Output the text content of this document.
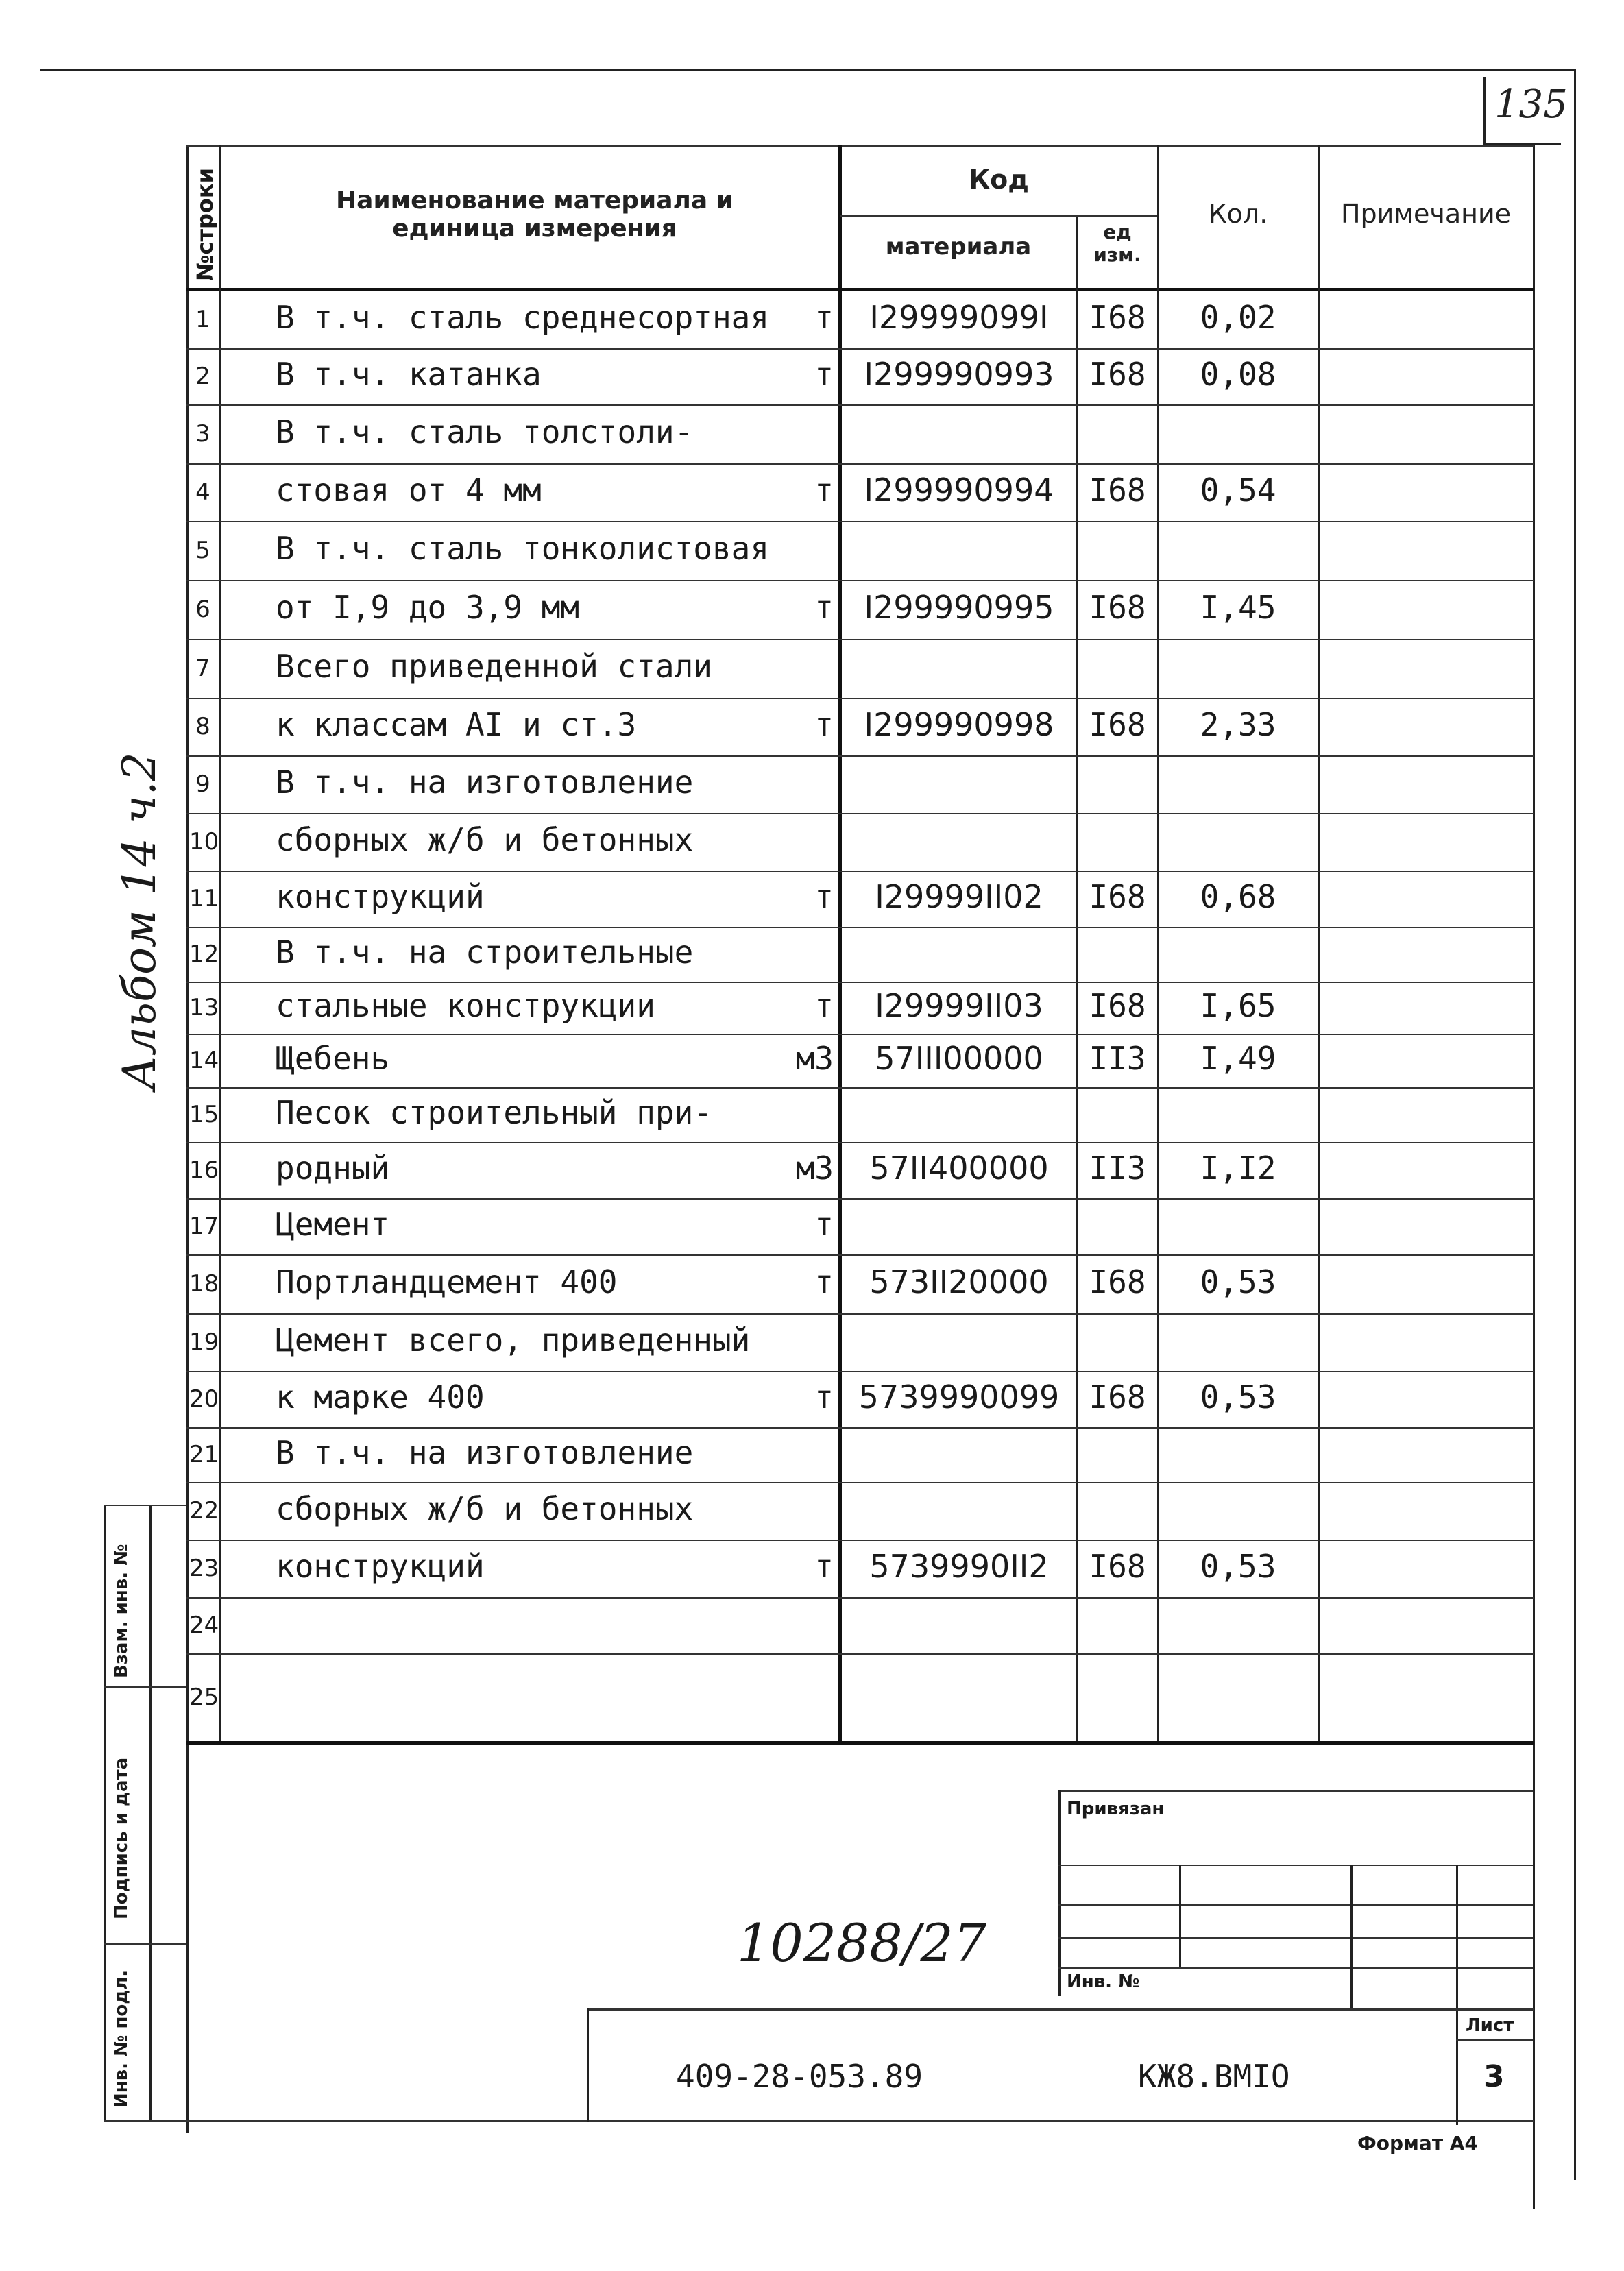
135
№строки	Наименование материала и единица измерения
Код
материала
ед изм.
Кол.	Примечание
1 В т.ч. сталь среднесортная	т	I29999099I	I68	0,02
2 В т.ч. катанка	т I299990993	I68	0,08
3 В т.ч. сталь толстоли-
4 стовая от 4 мм	т I299990994	I68	0,54
5 В т.ч. сталь тонколистовая
6 от I,9 до 3,9 мм	т I299990995	I68	I,45
7 Всего приведенной стали
8 к классам АI и ст.3	т I299990998	I68	2,33
9 В т.ч. на изготовление
10 сборных ж/б и бетонных
11 конструкций	т	I29999II02	I68	0,68
12 В т.ч. на строительные
13 стальные конструкции	т	I29999II03	I68	I,65
14 Щебень	м3	57III00000	II3	I,49
15 Песок строительный при-
16 родный	м3	57II400000	II3	I,I2
17 Цемент	т
18 Портландцемент 400	т	573II20000	I68	0,53
19 Цемент всего, приведенный
20 к марке 400	т 5739990099 I68	0,53
21 В т.ч. на изготовление
22 сборных ж/б и бетонных
23 конструкций	т	5739990II2	I68	0,53
24
25
Альбом 14 ч.2
Взам. инв. №
Подпись и дата
Инв. № подл.
Привязан
Инв. №
Лист
409-28-053.89	КЖ8.ВМIО	3
Формат А4
10288/27
